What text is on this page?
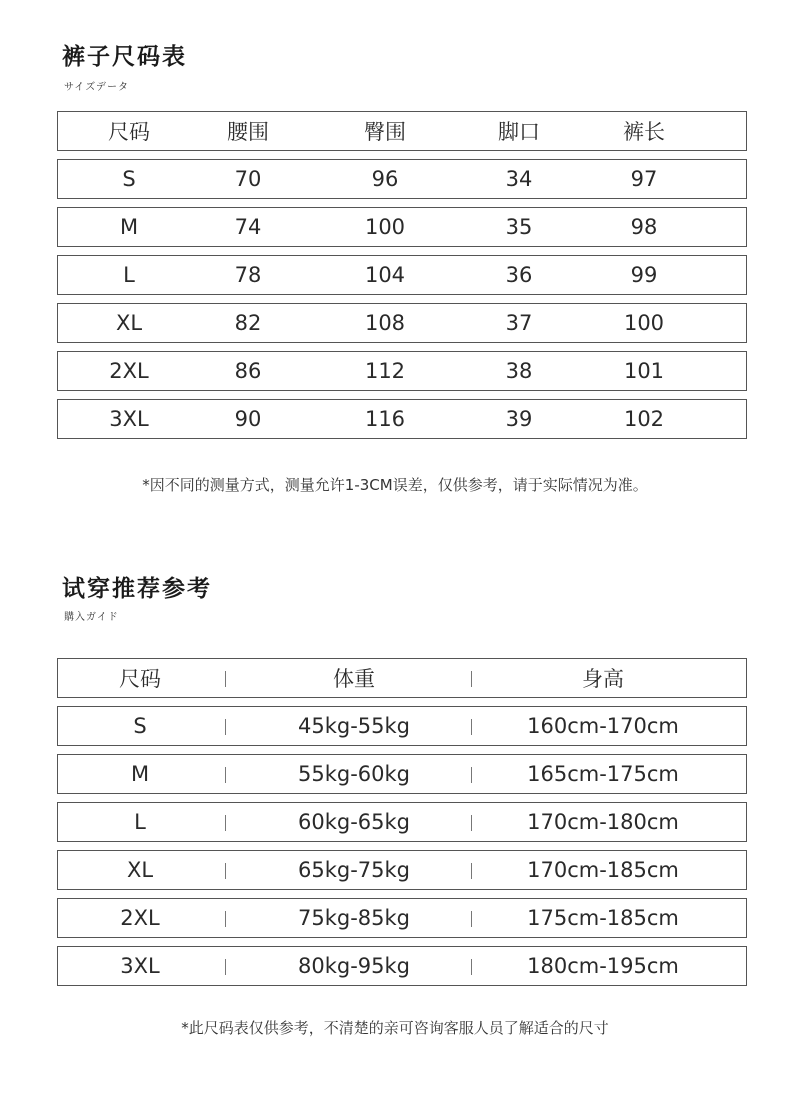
裤子尺码表
サイズデータ
尺码	腰围	臀围	脚口	裤长
S	70	96	34	97
M	74	100	35	98
L	78	104	36	99
XL	82	108	37	100
2XL	86	112	38	101
3XL	90	116	39	102
*因不同的测量方式，测量允许1-3CM误差，仅供参考，请于实际情况为准。
试穿推荐参考
購入ガイド
尺码	体重	身高
S	45kg-55kg	160cm-170cm
M	55kg-60kg	165cm-175cm
L	60kg-65kg	170cm-180cm
XL	65kg-75kg	170cm-185cm
2XL	75kg-85kg	175cm-185cm
3XL	80kg-95kg	180cm-195cm
*此尺码表仅供参考，不清楚的亲可咨询客服人员了解适合的尺寸
